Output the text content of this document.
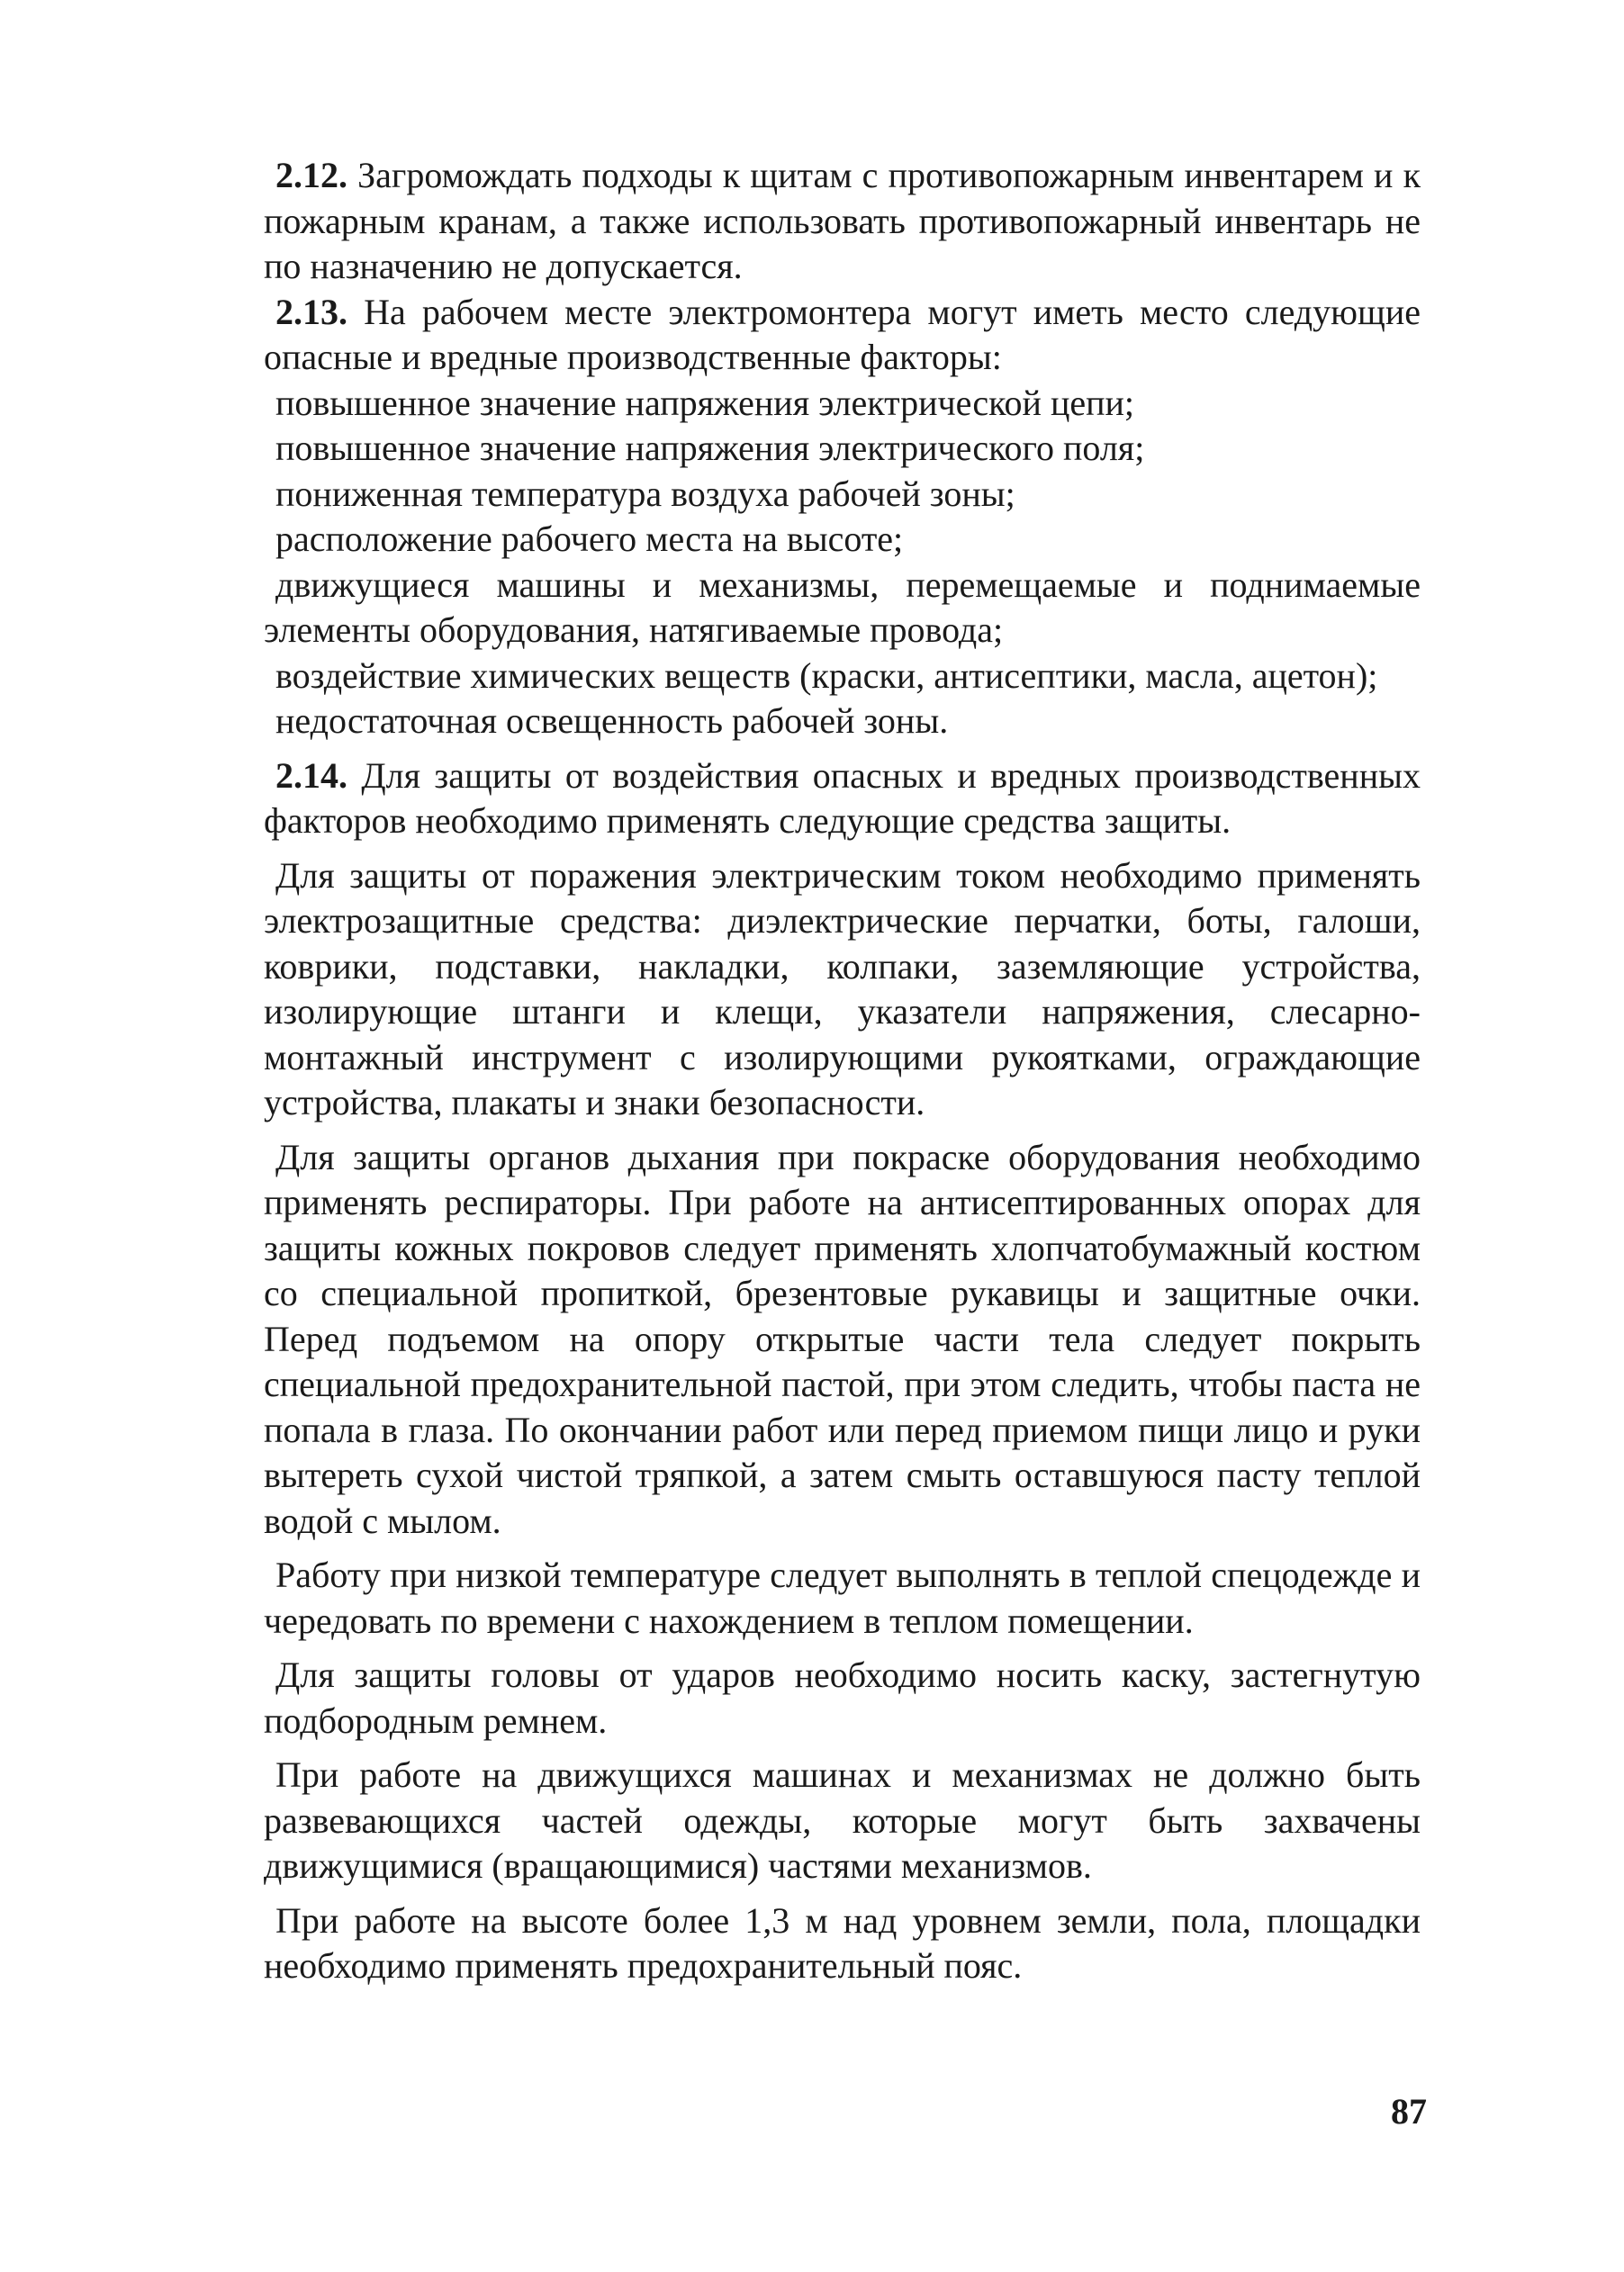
2.12. Загромождать подходы к щитам с противопожарным инвентарем и к пожарным кранам, а также использовать противопожарный инвентарь не по назначению не допускается.

2.13. На рабочем месте электромонтера могут иметь место следующие опасные и вредные производственные факторы:

повышенное значение напряжения электрической цепи;

повышенное значение напряжения электрического поля;

пониженная температура воздуха рабочей зоны;

расположение рабочего места на высоте;

движущиеся машины и механизмы, перемещаемые и поднимаемые элементы оборудования, натягиваемые провода;

воздействие химических веществ (краски, антисептики, масла, ацетон);

недостаточная освещенность рабочей зоны.

2.14. Для защиты от воздействия опасных и вредных производственных факторов необходимо применять следующие средства защиты.

Для защиты от поражения электрическим током необходимо применять электрозащитные средства: диэлектрические перчатки, боты, галоши, коврики, подставки, накладки, колпаки, заземляющие устройства, изолирующие штанги и клещи, указатели напряжения, слесарно-монтажный инструмент с изолирующими рукоятками, ограждающие устройства, плакаты и знаки безопасности.

Для защиты органов дыхания при покраске оборудования необходимо применять респираторы. При работе на антисептированных опорах для защиты кожных покровов следует применять хлопчатобумажный костюм со специальной пропиткой, брезентовые рукавицы и защитные очки. Перед подъемом на опору открытые части тела следует покрыть специальной предохранительной пастой, при этом следить, чтобы паста не попала в глаза. По окончании работ или перед приемом пищи лицо и руки вытереть сухой чистой тряпкой, а затем смыть оставшуюся пасту теплой водой с мылом.

Работу при низкой температуре следует выполнять в теплой спецодежде и чередовать по времени с нахождением в теплом помещении.

Для защиты головы от ударов необходимо носить каску, застегнутую подбородным ремнем.

При работе на движущихся машинах и механизмах не должно быть развевающихся частей одежды, которые могут быть захвачены движущимися (вращающимися) частями механизмов.

При работе на высоте более 1,3 м над уровнем земли, пола, площадки необходимо применять предохранительный пояс.

87
